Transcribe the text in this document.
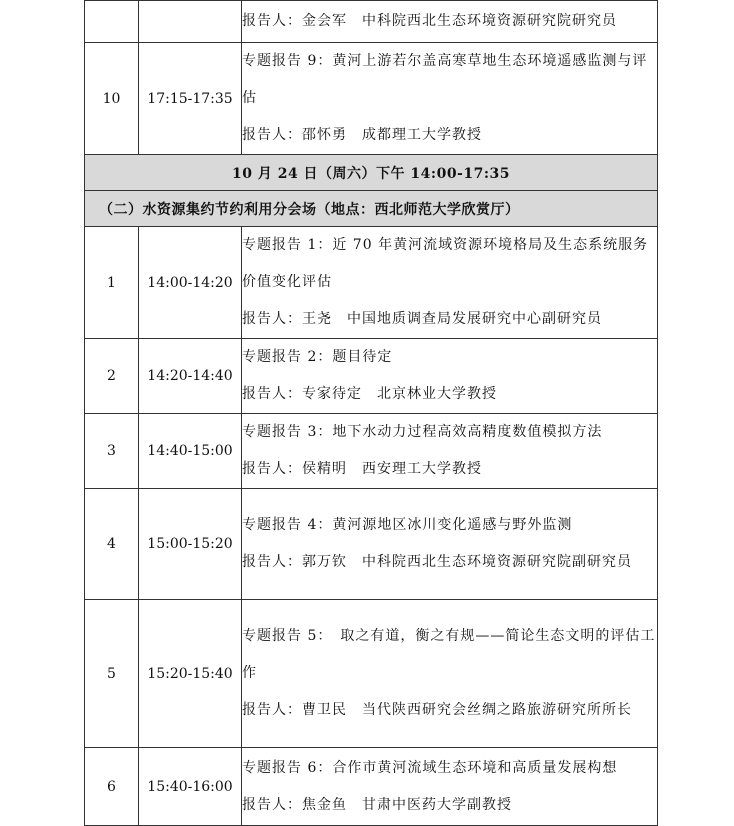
		报告人：金会军　中科院西北生态环境资源研究院研究员

10	17:15-17:35	专题报告 9：黄河上游若尔盖高寒草地生态环境遥感监测与评估
报告人：邵怀勇　成都理工大学教授

10 月 24 日（周六）下午 14:00-17:35		
（二）水资源集约节约利用分会场（地点：西北师范大学欣赏厅）		
1	14:00-14:20	专题报告 1：近 70 年黄河流域资源环境格局及生态系统服务价值变化评估
报告人：王尧　中国地质调查局发展研究中心副研究员

2	14:20-14:40	专题报告 2：题目待定
报告人：专家待定　北京林业大学教授

3	14:40-15:00	专题报告 3：地下水动力过程高效高精度数值模拟方法
报告人：侯精明　西安理工大学教授

4	15:00-15:20	专题报告 4：黄河源地区冰川变化遥感与野外监测
报告人：郭万钦　中科院西北生态环境资源研究院副研究员

5	15:20-15:40	专题报告 5：　取之有道，衡之有规——简论生态文明的评估工作
报告人：曹卫民　当代陕西研究会丝绸之路旅游研究所所长

6	15:40-16:00	专题报告 6：合作市黄河流域生态环境和高质量发展构想
报告人：焦金鱼　甘肃中医药大学副教授
